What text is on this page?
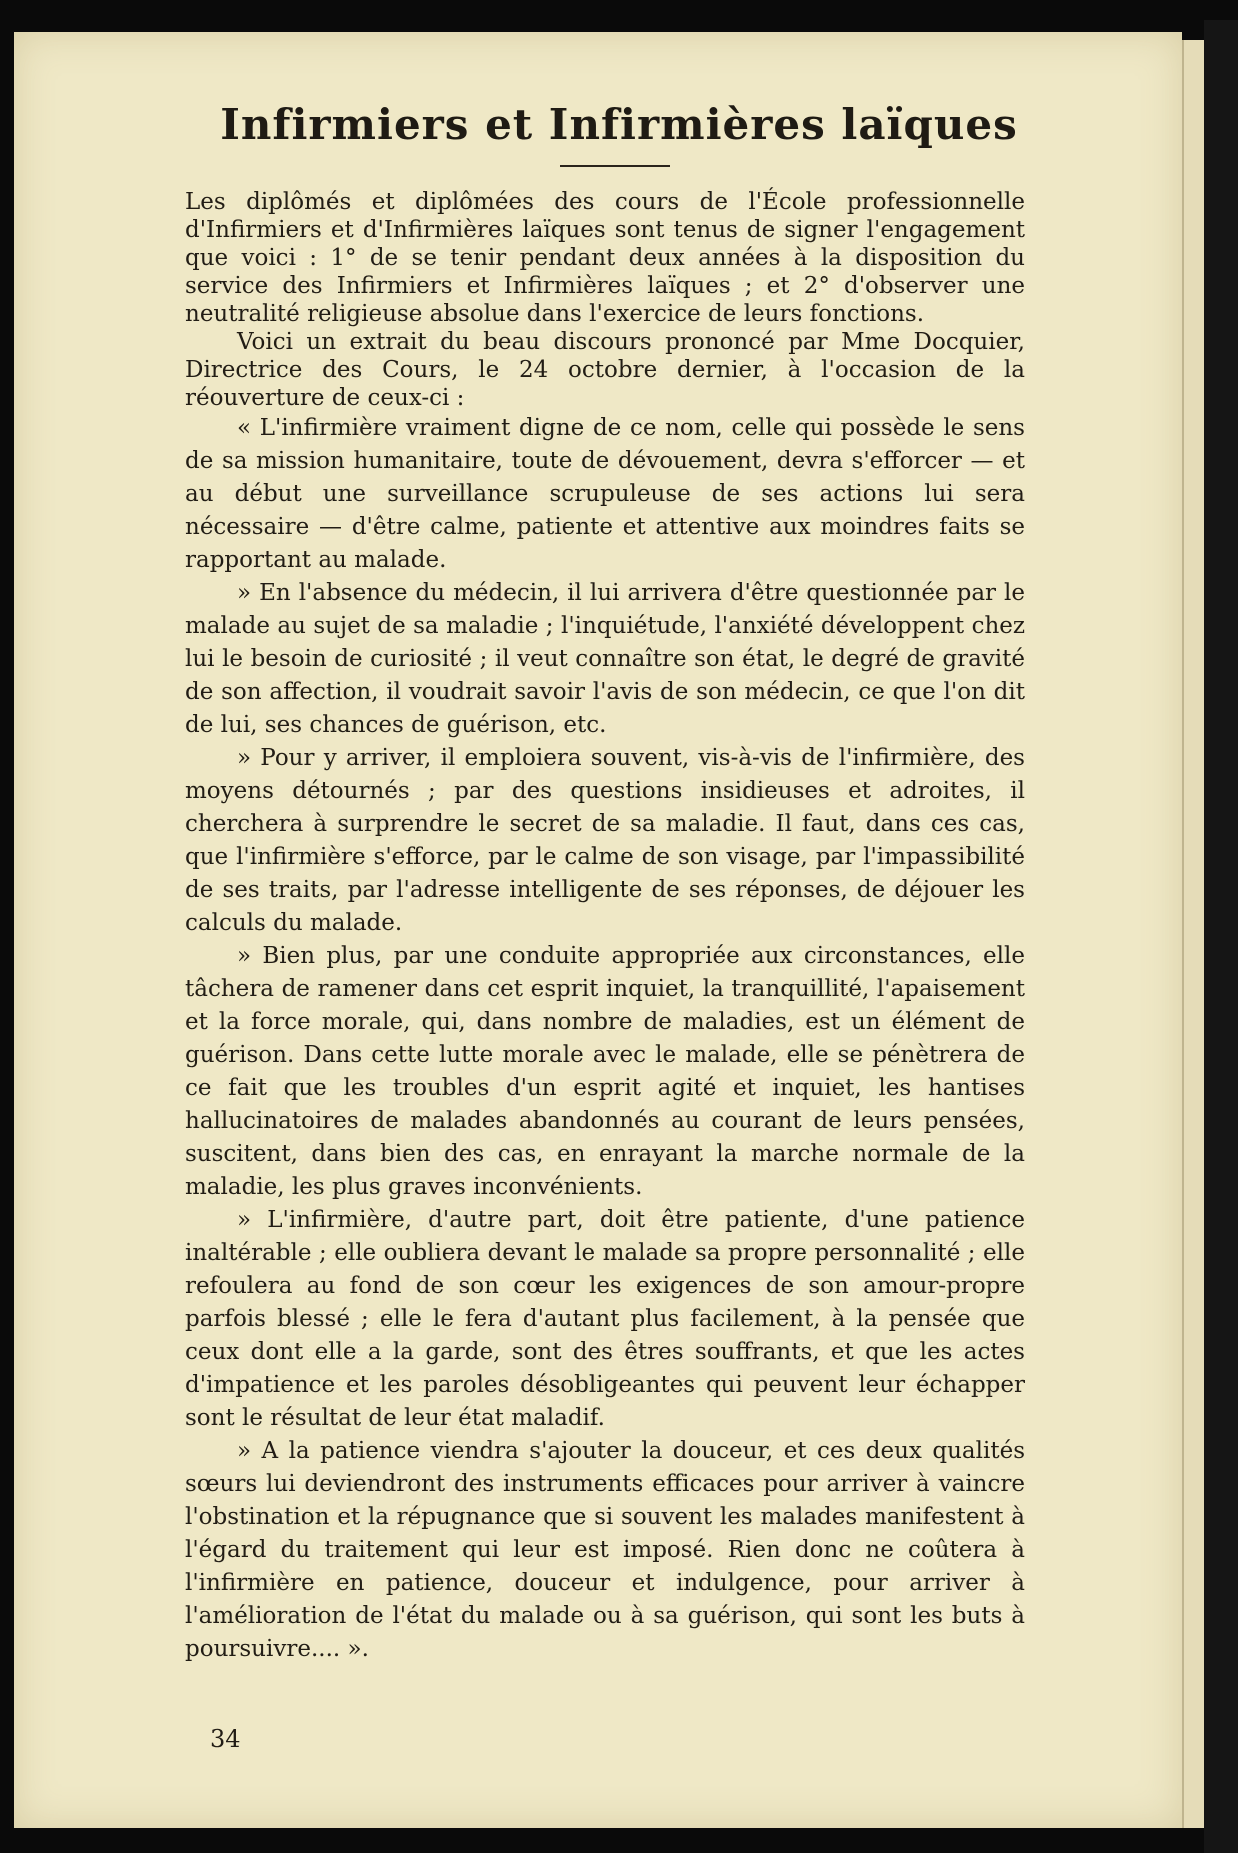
Infirmiers et Infirmières laïques

Les diplômés et diplômées des cours de l'École professionnelle d'Infirmiers et d'Infirmières laïques sont tenus de signer l'engagement que voici : 1° de se tenir pendant deux années à la disposition du service des Infirmiers et Infirmières laïques ; et 2° d'observer une neutralité religieuse absolue dans l'exercice de leurs fonctions.

Voici un extrait du beau discours prononcé par Mme Docquier, Directrice des Cours, le 24 octobre dernier, à l'occasion de la réouverture de ceux-ci :

« L'infirmière vraiment digne de ce nom, celle qui possède le sens de sa mission humanitaire, toute de dévouement, devra s'efforcer — et au début une surveillance scrupuleuse de ses actions lui sera nécessaire — d'être calme, patiente et attentive aux moindres faits se rapportant au malade.

» En l'absence du médecin, il lui arrivera d'être questionnée par le malade au sujet de sa maladie ; l'inquiétude, l'anxiété développent chez lui le besoin de curiosité ; il veut connaître son état, le degré de gravité de son affection, il voudrait savoir l'avis de son médecin, ce que l'on dit de lui, ses chances de guérison, etc.

» Pour y arriver, il emploiera souvent, vis-à-vis de l'infirmière, des moyens détournés ; par des questions insidieuses et adroites, il cherchera à surprendre le secret de sa maladie. Il faut, dans ces cas, que l'infirmière s'efforce, par le calme de son visage, par l'impassibilité de ses traits, par l'adresse intelligente de ses réponses, de déjouer les calculs du malade.

» Bien plus, par une conduite appropriée aux circonstances, elle tâchera de ramener dans cet esprit inquiet, la tranquillité, l'apaisement et la force morale, qui, dans nombre de maladies, est un élément de guérison. Dans cette lutte morale avec le malade, elle se pénètrera de ce fait que les troubles d'un esprit agité et inquiet, les hantises hallucinatoires de malades abandonnés au courant de leurs pensées, suscitent, dans bien des cas, en enrayant la marche normale de la maladie, les plus graves inconvénients.

» L'infirmière, d'autre part, doit être patiente, d'une patience inaltérable ; elle oubliera devant le malade sa propre personnalité ; elle refoulera au fond de son cœur les exigences de son amour-propre parfois blessé ; elle le fera d'autant plus facilement, à la pensée que ceux dont elle a la garde, sont des êtres souffrants, et que les actes d'impatience et les paroles désobligeantes qui peuvent leur échapper sont le résultat de leur état maladif.

» A la patience viendra s'ajouter la douceur, et ces deux qualités sœurs lui deviendront des instruments efficaces pour arriver à vaincre l'obstination et la répugnance que si souvent les malades manifestent à l'égard du traitement qui leur est imposé. Rien donc ne coûtera à l'infirmière en patience, douceur et indulgence, pour arriver à l'amélioration de l'état du malade ou à sa guérison, qui sont les buts à poursuivre.... ».

34
